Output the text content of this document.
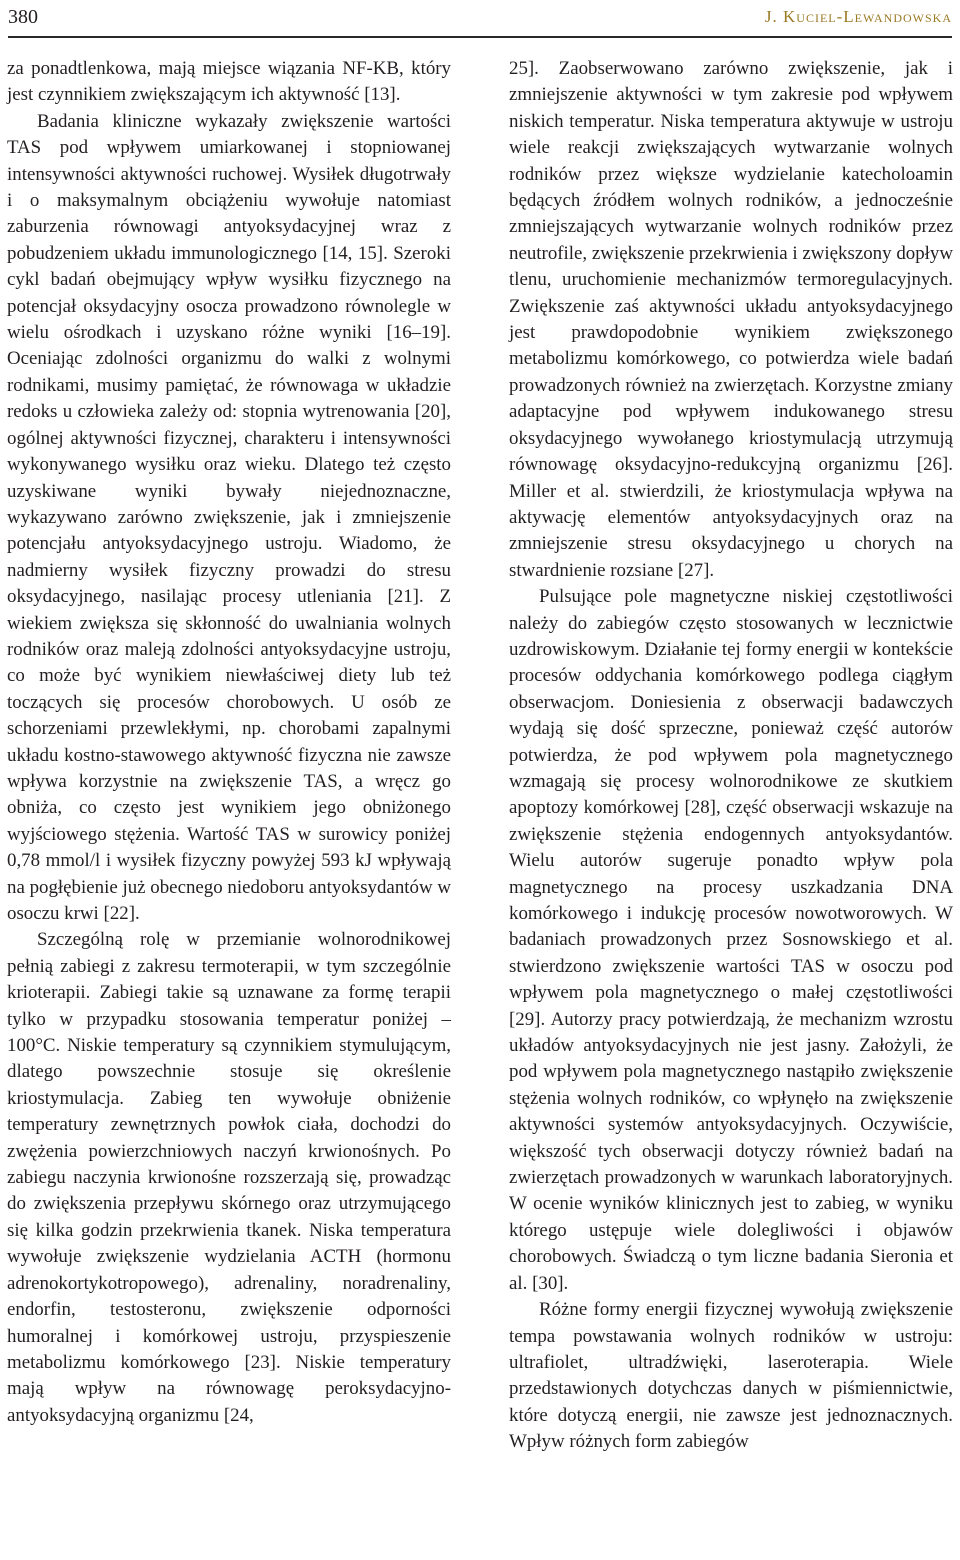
380	J. Kuciel-Lewandowska

za ponadtlenkowa, mają miejsce wiązania NF-KB, który jest czynnikiem zwiększającym ich aktywność [13].

Badania kliniczne wykazały zwiększenie wartości TAS pod wpływem umiarkowanej i stopniowanej intensywności aktywności ruchowej. Wysiłek długotrwały i o maksymalnym obciążeniu wywołuje natomiast zaburzenia równowagi antyoksydacyjnej wraz z pobudzeniem układu immunologicznego [14, 15]. Szeroki cykl badań obejmujący wpływ wysiłku fizycznego na potencjał oksydacyjny osocza prowadzono równolegle w wielu ośrodkach i uzyskano różne wyniki [16–19]. Oceniając zdolności organizmu do walki z wolnymi rodnikami, musimy pamiętać, że równowaga w układzie redoks u człowieka zależy od: stopnia wytrenowania [20], ogólnej aktywności fizycznej, charakteru i intensywności wykonywanego wysiłku oraz wieku. Dlatego też często uzyskiwane wyniki bywały niejednoznaczne, wykazywano zarówno zwiększenie, jak i zmniejszenie potencjału antyoksydacyjnego ustroju. Wiadomo, że nadmierny wysiłek fizyczny prowadzi do stresu oksydacyjnego, nasilając procesy utleniania [21]. Z wiekiem zwiększa się skłonność do uwalniania wolnych rodników oraz maleją zdolności antyoksydacyjne ustroju, co może być wynikiem niewłaściwej diety lub też toczących się procesów chorobowych. U osób ze schorzeniami przewlekłymi, np. chorobami zapalnymi układu kostno-stawowego aktywność fizyczna nie zawsze wpływa korzystnie na zwiększenie TAS, a wręcz go obniża, co często jest wynikiem jego obniżonego wyjściowego stężenia. Wartość TAS w surowicy poniżej 0,78 mmol/l i wysiłek fizyczny powyżej 593 kJ wpływają na pogłębienie już obecnego niedoboru antyoksydantów w osoczu krwi [22].

Szczególną rolę w przemianie wolnorodnikowej pełnią zabiegi z zakresu termoterapii, w tym szczególnie krioterapii. Zabiegi takie są uznawane za formę terapii tylko w przypadku stosowania temperatur poniżej –100°C. Niskie temperatury są czynnikiem stymulującym, dlatego powszechnie stosuje się określenie kriostymulacja. Zabieg ten wywołuje obniżenie temperatury zewnętrznych powłok ciała, dochodzi do zwężenia powierzchniowych naczyń krwionośnych. Po zabiegu naczynia krwionośne rozszerzają się, prowadząc do zwiększenia przepływu skórnego oraz utrzymującego się kilka godzin przekrwienia tkanek. Niska temperatura wywołuje zwiększenie wydzielania ACTH (hormonu adrenokortykotropowego), adrenaliny, noradrenaliny, endorfin, testosteronu, zwiększenie odporności humoralnej i komórkowej ustroju, przyspieszenie metabolizmu komórkowego [23]. Niskie temperatury mają wpływ na równowagę peroksydacyjno-antyoksydacyjną organizmu [24,

25]. Zaobserwowano zarówno zwiększenie, jak i zmniejszenie aktywności w tym zakresie pod wpływem niskich temperatur. Niska temperatura aktywuje w ustroju wiele reakcji zwiększających wytwarzanie wolnych rodników przez większe wydzielanie katecholoamin będących źródłem wolnych rodników, a jednocześnie zmniejszających wytwarzanie wolnych rodników przez neutrofile, zwiększenie przekrwienia i zwiększony dopływ tlenu, uruchomienie mechanizmów termoregulacyjnych. Zwiększenie zaś aktywności układu antyoksydacyjnego jest prawdopodobnie wynikiem zwiększonego metabolizmu komórkowego, co potwierdza wiele badań prowadzonych również na zwierzętach. Korzystne zmiany adaptacyjne pod wpływem indukowanego stresu oksydacyjnego wywołanego kriostymulacją utrzymują równowagę oksydacyjno-redukcyjną organizmu [26]. Miller et al. stwierdzili, że kriostymulacja wpływa na aktywację elementów antyoksydacyjnych oraz na zmniejszenie stresu oksydacyjnego u chorych na stwardnienie rozsiane [27].

Pulsujące pole magnetyczne niskiej częstotliwości należy do zabiegów często stosowanych w lecznictwie uzdrowiskowym. Działanie tej formy energii w kontekście procesów oddychania komórkowego podlega ciągłym obserwacjom. Doniesienia z obserwacji badawczych wydają się dość sprzeczne, ponieważ część autorów potwierdza, że pod wpływem pola magnetycznego wzmagają się procesy wolnorodnikowe ze skutkiem apoptozy komórkowej [28], część obserwacji wskazuje na zwiększenie stężenia endogennych antyoksydantów. Wielu autorów sugeruje ponadto wpływ pola magnetycznego na procesy uszkadzania DNA komórkowego i indukcję procesów nowotworowych. W badaniach prowadzonych przez Sosnowskiego et al. stwierdzono zwiększenie wartości TAS w osoczu pod wpływem pola magnetycznego o małej częstotliwości [29]. Autorzy pracy potwierdzają, że mechanizm wzrostu układów antyoksydacyjnych nie jest jasny. Założyli, że pod wpływem pola magnetycznego nastąpiło zwiększenie stężenia wolnych rodników, co wpłynęło na zwiększenie aktywności systemów antyoksydacyjnych. Oczywiście, większość tych obserwacji dotyczy również badań na zwierzętach prowadzonych w warunkach laboratoryjnych. W ocenie wyników klinicznych jest to zabieg, w wyniku którego ustępuje wiele dolegliwości i objawów chorobowych. Świadczą o tym liczne badania Sieronia et al. [30].

Różne formy energii fizycznej wywołują zwiększenie tempa powstawania wolnych rodników w ustroju: ultrafiolet, ultradźwięki, laseroterapia. Wiele przedstawionych dotychczas danych w piśmiennictwie, które dotyczą energii, nie zawsze jest jednoznacznych. Wpływ różnych form zabiegów
